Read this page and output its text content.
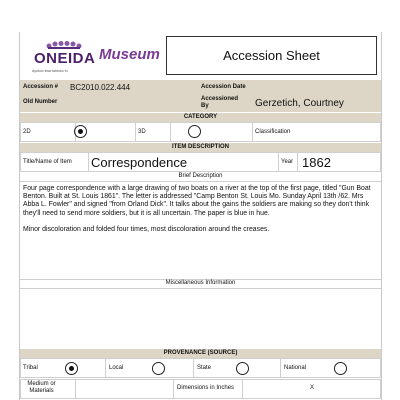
ONEIDA
Ayotolo·kwa·tahtuko·lu
Museum	Accession Sheet
Accession # BC2010.022.444	Accession Date
Old Number	Accessioned
By	Gerzetich, Courtney
CATEGORY
2D	3D	Classification
ITEM DESCRIPTION
Title/Name of Item Correspondence	Year 1862
Brief Description
Four page correspondence with a large drawing of two boats on a river at the top of the first page, titled "Gun Boat Benton. Built at St. Louis 1861". The letter is addressed "Camp Benton St. Louis Mo. Sunday April 13th /62. Mrs Abba L. Fowler" and signed "from Orland Dick". It talks about the gains the soldiers are making so they don't think they'll need to send more soldiers, but it is all uncertain. The paper is blue in hue.
Minor discoloration and folded four times, most discoloration around the creases.
Miscellaneous Information
PROVENANCE (SOURCE)
Tribal	Local	State	National
Medium or
Materials	Dimensions in Inches	X
